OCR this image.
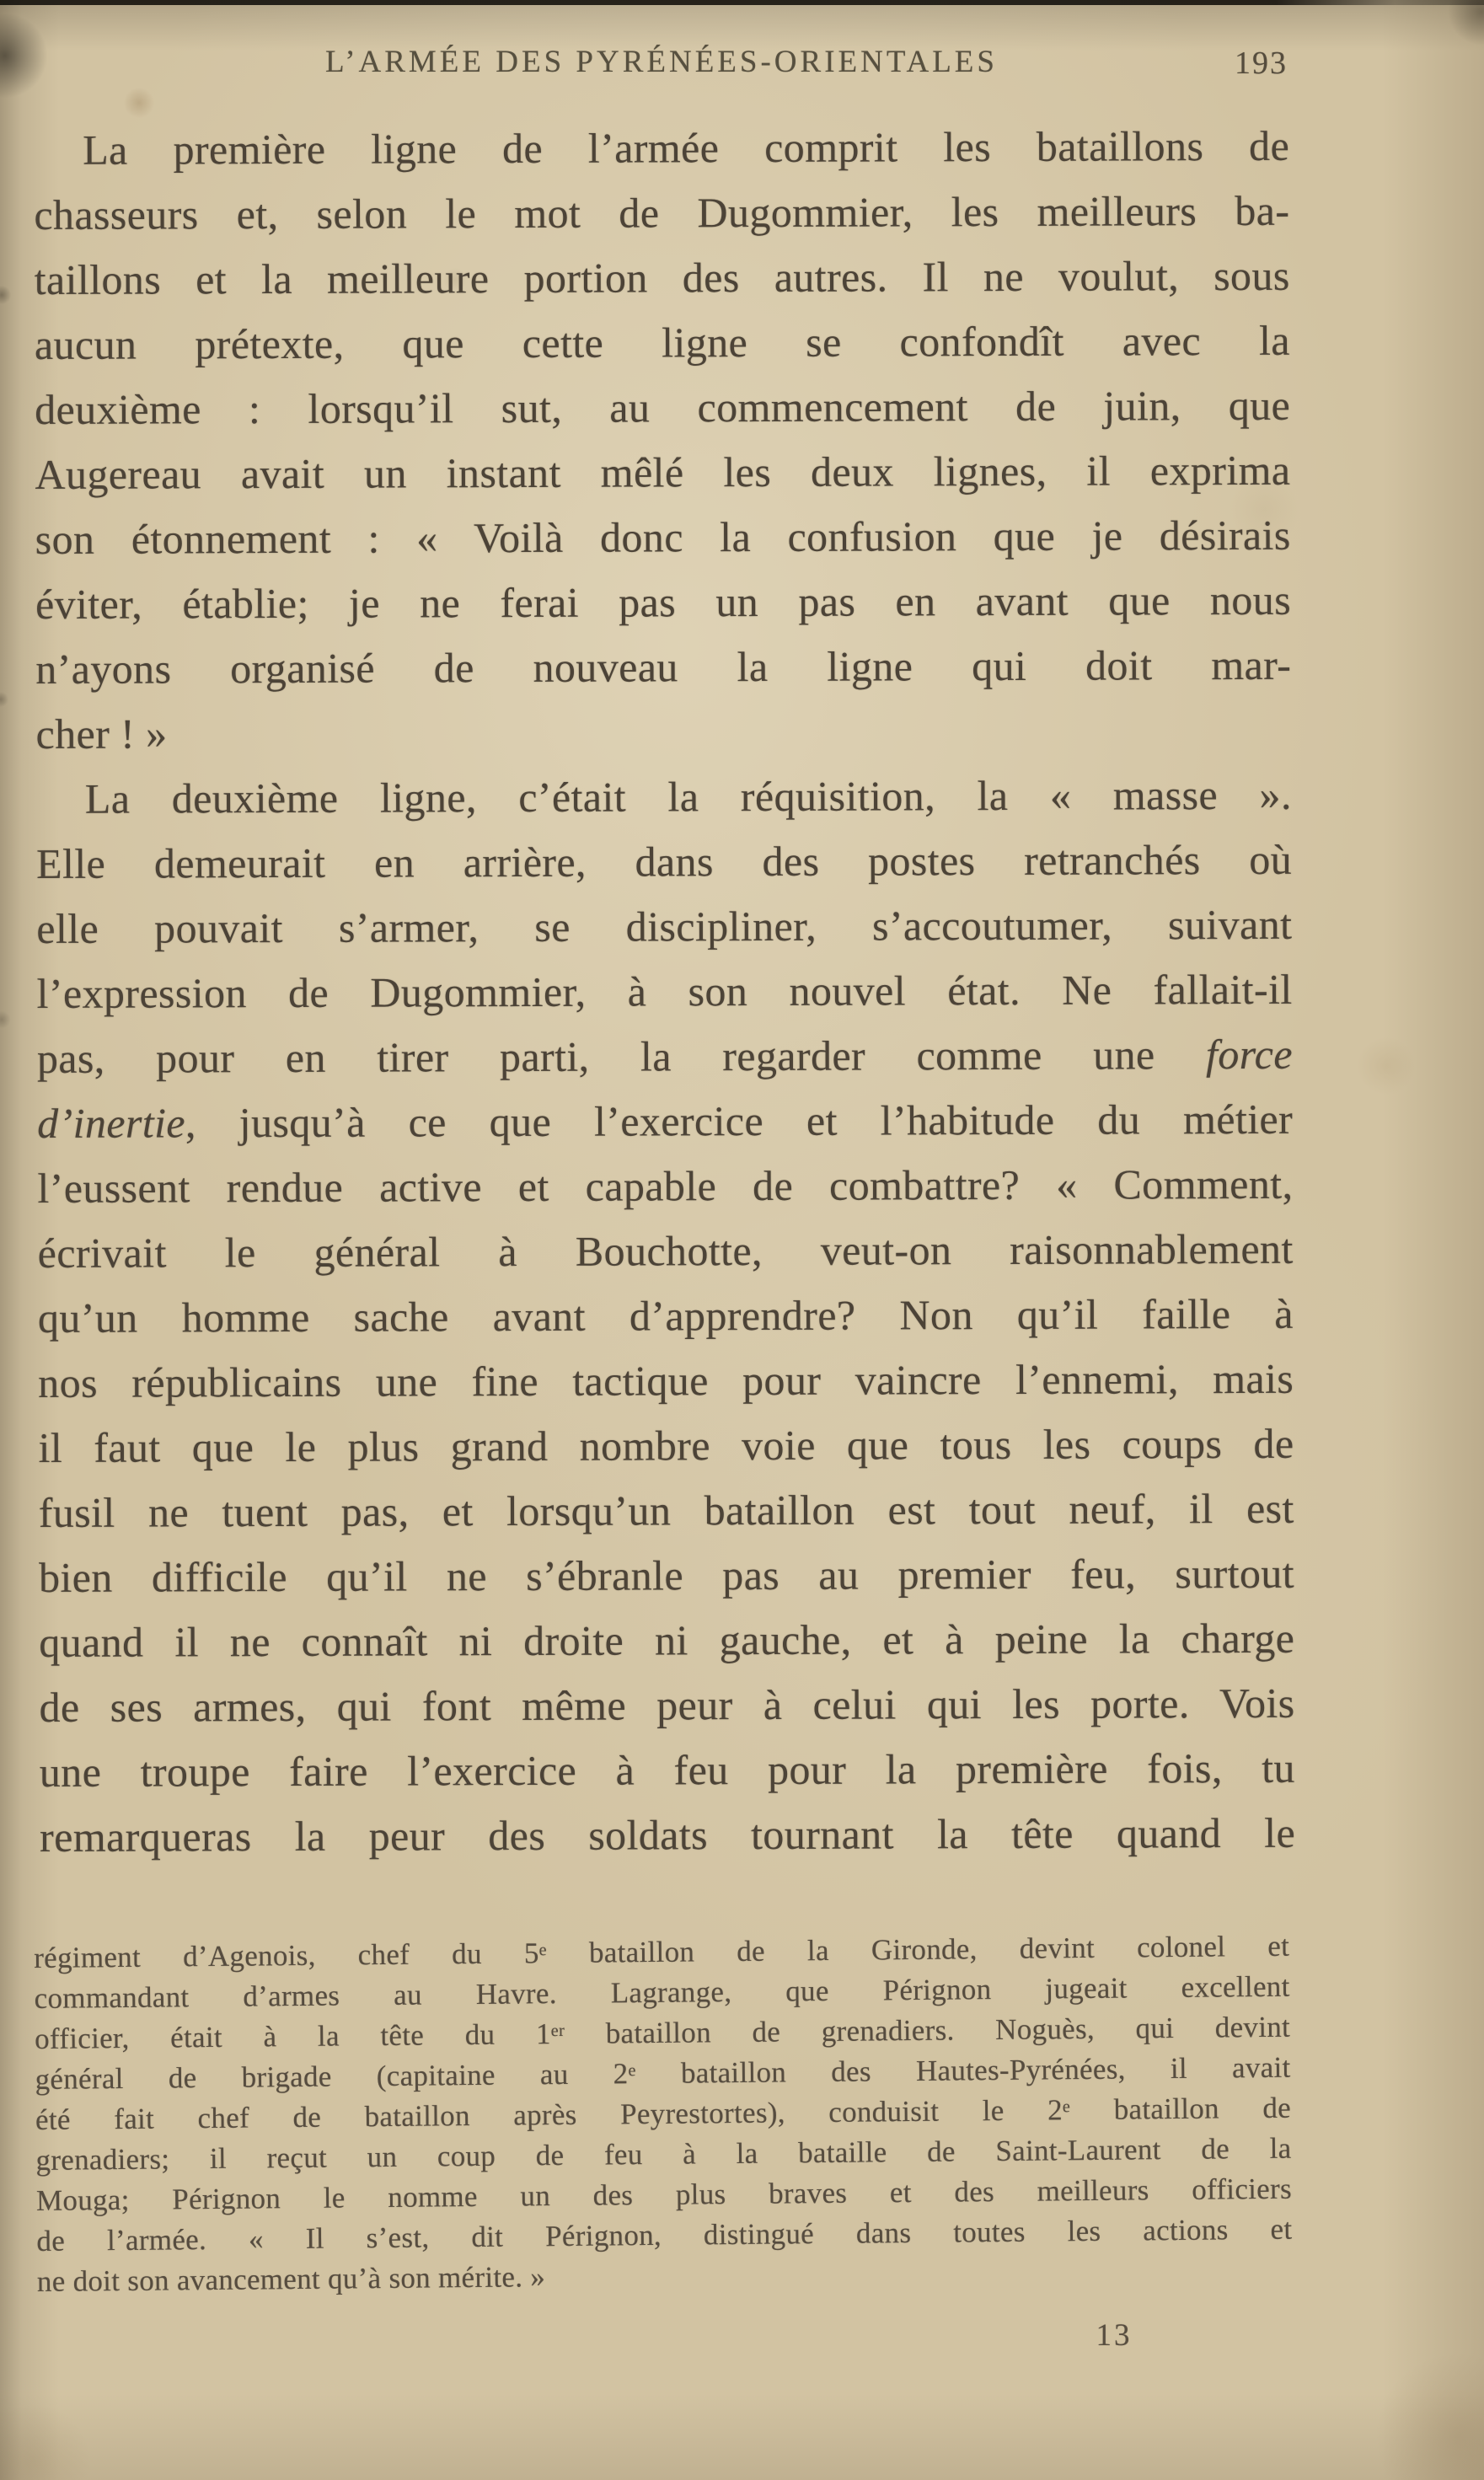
L’ARMÉE DES PYRÉNÉES-ORIENTALES	193
La première ligne de l’armée comprit les bataillons de
chasseurs et, selon le mot de Dugommier, les meilleurs ba-
taillons et la meilleure portion des autres. Il ne voulut, sous
aucun prétexte, que cette ligne se confondît avec la
deuxième : lorsqu’il sut, au commencement de juin, que
Augereau avait un instant mêlé les deux lignes, il exprima
son étonnement : « Voilà donc la confusion que je désirais
éviter, établie; je ne ferai pas un pas en avant que nous
n’ayons organisé de nouveau la ligne qui doit mar-
cher ! »
La deuxième ligne, c’était la réquisition, la « masse ».
Elle demeurait en arrière, dans des postes retranchés où
elle pouvait s’armer, se discipliner, s’accoutumer, suivant
l’expression de Dugommier, à son nouvel état. Ne fallait-il
pas, pour en tirer parti, la regarder comme une force
d’inertie, jusqu’à ce que l’exercice et l’habitude du métier
l’eussent rendue active et capable de combattre? « Comment,
écrivait le général à Bouchotte, veut-on raisonnablement
qu’un homme sache avant d’apprendre? Non qu’il faille à
nos républicains une fine tactique pour vaincre l’ennemi, mais
il faut que le plus grand nombre voie que tous les coups de
fusil ne tuent pas, et lorsqu’un bataillon est tout neuf, il est
bien difficile qu’il ne s’ébranle pas au premier feu, surtout
quand il ne connaît ni droite ni gauche, et à peine la charge
de ses armes, qui font même peur à celui qui les porte. Vois
une troupe faire l’exercice à feu pour la première fois, tu
remarqueras la peur des soldats tournant la tête quand le
régiment d’Agenois, chef du 5e bataillon de la Gironde, devint colonel et
commandant d’armes au Havre. Lagrange, que Pérignon jugeait excellent
officier, était à la tête du 1er bataillon de grenadiers. Noguès, qui devint
général de brigade (capitaine au 2e bataillon des Hautes-Pyrénées, il avait
été fait chef de bataillon après Peyrestortes), conduisit le 2e bataillon de
grenadiers; il reçut un coup de feu à la bataille de Saint-Laurent de la
Mouga; Pérignon le nomme un des plus braves et des meilleurs officiers
de l’armée. « Il s’est, dit Pérignon, distingué dans toutes les actions et
ne doit son avancement qu’à son mérite. »
13
